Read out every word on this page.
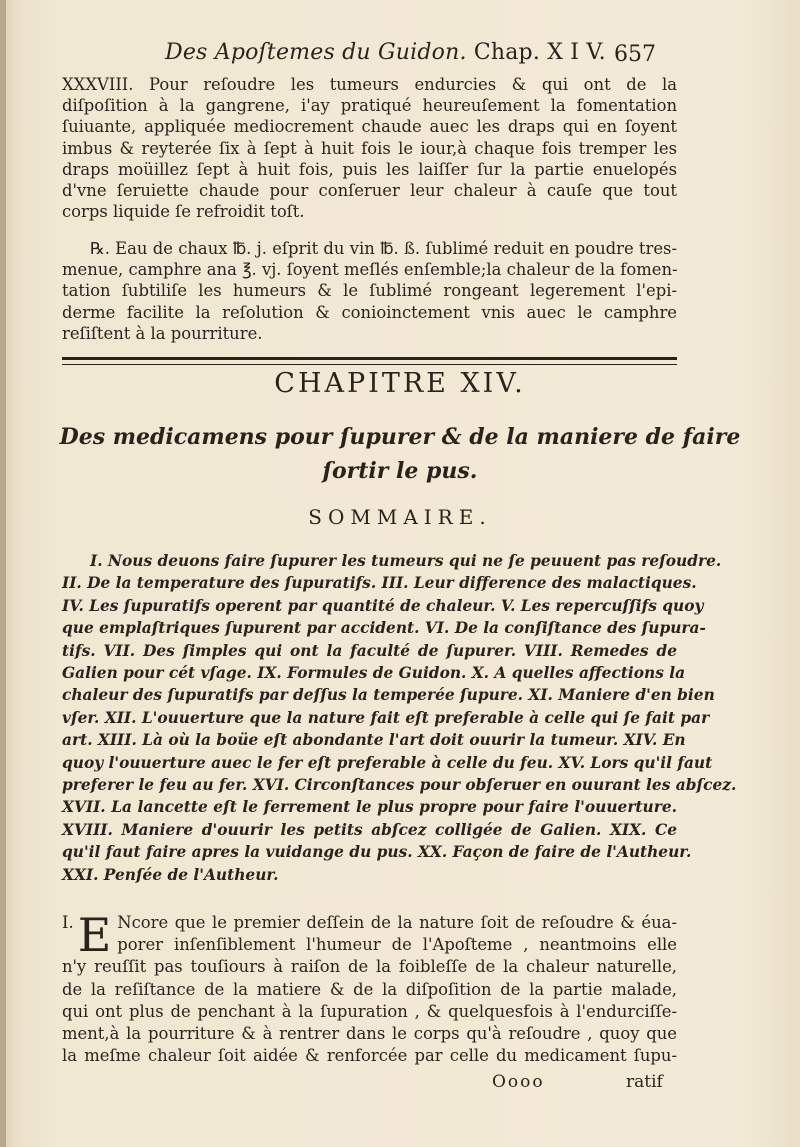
Des Apoſtemes du Guidon. Chap. X I V. 657

XXXVIII. Pour reſoudre les tumeurs endurcies & qui ont de la
diſpoſition à la gangrene, i'ay pratiqué heureuſement la fomentation
ſuiuante, appliquée mediocrement chaude auec les draps qui en ſoyent
imbus & reyterée ſix à ſept à huit fois le iour,à chaque fois tremper les
draps moüillez ſept à huit fois, puis les laiſſer ſur la partie enuelopés
d'vne ſeruiette chaude pour conſeruer leur chaleur à cauſe que tout
corps liquide ſe refroidit toſt.

℞. Eau de chaux ℔. j. eſprit du vin ℔. ß. ſublimé reduit en poudre tres-
menue, camphre ana ℥. vj. ſoyent meſlés enſemble;la chaleur de la fomen-
tation ſubtiliſe les humeurs & le ſublimé rongeant legerement l'epi-
derme facilite la reſolution & conioinctement vnis auec le camphre
reſiſtent à la pourriture.

CHAPITRE XIV.
Des medicamens pour ſupurer & de la maniere de faire
ſortir le pus.
SOMMAIRE.

I. Nous deuons faire ſupurer les tumeurs qui ne ſe peuuent pas reſoudre.
II. De la temperature des ſupuratifs. III. Leur difference des malactiques.
IV. Les ſupuratifs operent par quantité de chaleur. V. Les repercuſſifs quoy
que emplaſtriques ſupurent par accident. VI. De la conſiſtance des ſupura-
tifs. VII. Des ſimples qui ont la faculté de ſupurer. VIII. Remedes de
Galien pour cét vſage. IX. Formules de Guidon. X. A quelles affections la
chaleur des ſupuratifs par deſſus la temperée ſupure. XI. Maniere d'en bien
vſer. XII. L'ouuerture que la nature fait eſt preferable à celle qui ſe fait par
art. XIII. Là où la boüe eſt abondante l'art doit ouurir la tumeur. XIV. En
quoy l'ouuerture auec le fer eſt preferable à celle du feu. XV. Lors qu'il faut
preferer le feu au fer. XVI. Circonſtances pour obſeruer en ouurant les abſcez.
XVII. La lancette eſt le ferrement le plus propre pour faire l'ouuerture.
XVIII. Maniere d'ouurir les petits abſcez colligée de Galien. XIX. Ce
qu'il faut faire apres la vuidange du pus. XX. Façon de faire de l'Autheur.
XXI. Penſée de l'Autheur.

I. E Ncore que le premier deſſein de la nature ſoit de reſoudre & éua-
porer inſenſiblement l'humeur de l'Apoſteme , neantmoins elle
n'y reuſſit pas touſiours à raiſon de la foibleſſe de la chaleur naturelle,
de la reſiſtance de la matiere & de la diſpoſition de la partie malade,
qui ont plus de penchant à la ſupuration , & quelquesfois à l'endurciſſe-
ment,à la pourriture & à rentrer dans le corps qu'à reſoudre , quoy que
la meſme chaleur ſoit aidée & renforcée par celle du medicament ſupu-

Oooo	ratif
